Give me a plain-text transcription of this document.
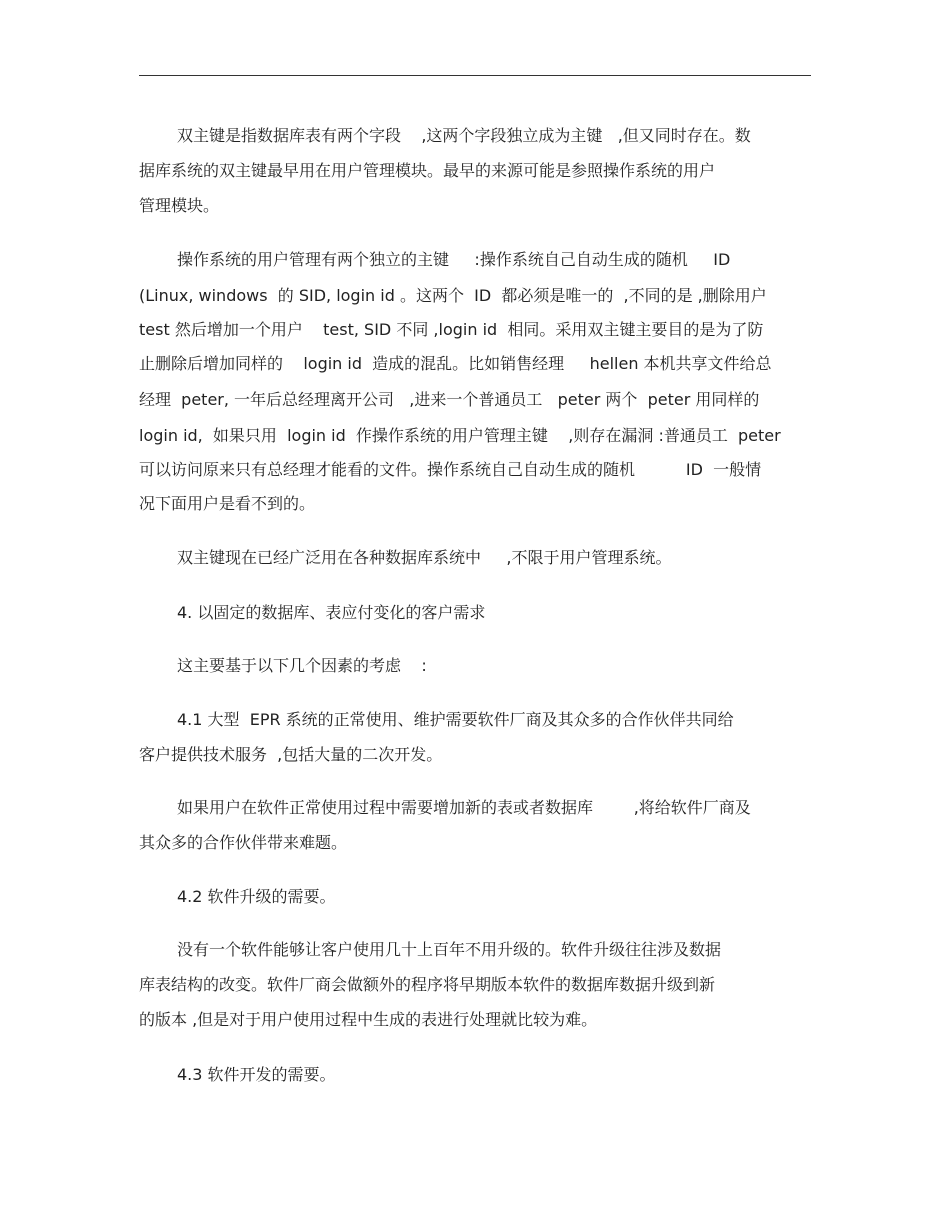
双主键是指数据库表有两个字段    ,这两个字段独立成为主键   ,但又同时存在。数
据库系统的双主键最早用在用户管理模块。最早的来源可能是参照操作系统的用户
管理模块。
操作系统的用户管理有两个独立的主键     :操作系统自己自动生成的随机     ID
(Linux, windows  的 SID, login id 。这两个  ID  都必须是唯一的  ,不同的是 ,删除用户
test 然后增加一个用户    test, SID 不同 ,login id  相同。采用双主键主要目的是为了防
止删除后增加同样的    login id  造成的混乱。比如销售经理     hellen 本机共享文件给总
经理  peter, 一年后总经理离开公司   ,进来一个普通员工   peter 两个  peter 用同样的
login id,  如果只用  login id  作操作系统的用户管理主键    ,则存在漏洞 :普通员工  peter
可以访问原来只有总经理才能看的文件。操作系统自己自动生成的随机          ID  一般情
况下面用户是看不到的。
双主键现在已经广泛用在各种数据库系统中     ,不限于用户管理系统。
4. 以固定的数据库、表应付变化的客户需求
这主要基于以下几个因素的考虑    :
4.1 大型  EPR 系统的正常使用、维护需要软件厂商及其众多的合作伙伴共同给
客户提供技术服务  ,包括大量的二次开发。
如果用户在软件正常使用过程中需要增加新的表或者数据库        ,将给软件厂商及
其众多的合作伙伴带来难题。
4.2 软件升级的需要。
没有一个软件能够让客户使用几十上百年不用升级的。软件升级往往涉及数据
库表结构的改变。软件厂商会做额外的程序将早期版本软件的数据库数据升级到新
的版本 ,但是对于用户使用过程中生成的表进行处理就比较为难。
4.3 软件开发的需要。
